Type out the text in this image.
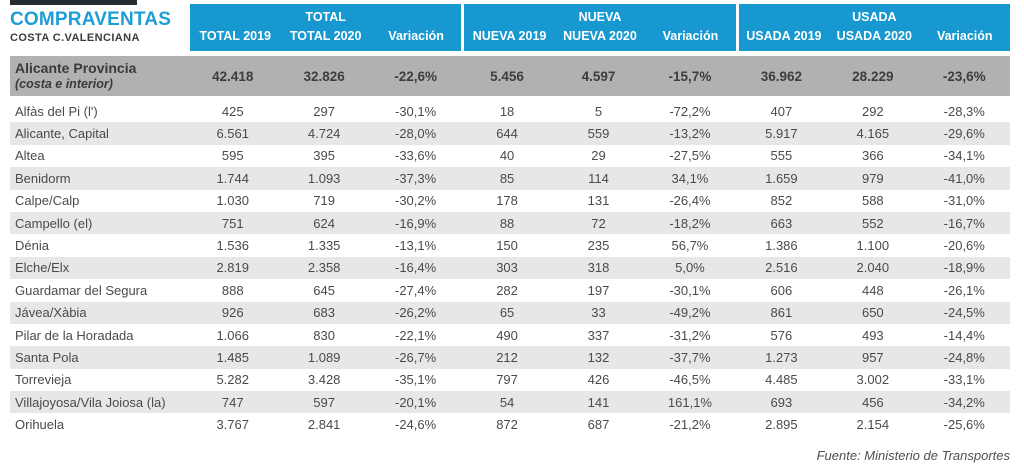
COMPRAVENTAS
COSTA C.VALENCIANA
TOTAL
TOTAL 2019	TOTAL 2020	Variación
NUEVA
NUEVA 2019	NUEVA 2020	Variación
USADA
USADA 2019	USADA 2020	Variación
Alicante Provincia
(costa e interior)
42.418	32.826	-22,6%	5.456	4.597	-15,7%	36.962	28.229	-23,6%
Alfàs del Pi (l')	425	297	-30,1%	18	5	-72,2%	407	292	-28,3%
Alicante, Capital	6.561	4.724	-28,0%	644	559	-13,2%	5.917	4.165	-29,6%
Altea	595	395	-33,6%	40	29	-27,5%	555	366	-34,1%
Benidorm	1.744	1.093	-37,3%	85	114	34,1%	1.659	979	-41,0%
Calpe/Calp	1.030	719	-30,2%	178	131	-26,4%	852	588	-31,0%
Campello (el)	751	624	-16,9%	88	72	-18,2%	663	552	-16,7%
Dénia	1.536	1.335	-13,1%	150	235	56,7%	1.386	1.100	-20,6%
Elche/Elx	2.819	2.358	-16,4%	303	318	5,0%	2.516	2.040	-18,9%
Guardamar del Segura	888	645	-27,4%	282	197	-30,1%	606	448	-26,1%
Jávea/Xàbia	926	683	-26,2%	65	33	-49,2%	861	650	-24,5%
Pilar de la Horadada	1.066	830	-22,1%	490	337	-31,2%	576	493	-14,4%
Santa Pola	1.485	1.089	-26,7%	212	132	-37,7%	1.273	957	-24,8%
Torrevieja	5.282	3.428	-35,1%	797	426	-46,5%	4.485	3.002	-33,1%
Villajoyosa/Vila Joiosa (la)	747	597	-20,1%	54	141	161,1%	693	456	-34,2%
Orihuela	3.767	2.841	-24,6%	872	687	-21,2%	2.895	2.154	-25,6%
Fuente: Ministerio de Transportes
